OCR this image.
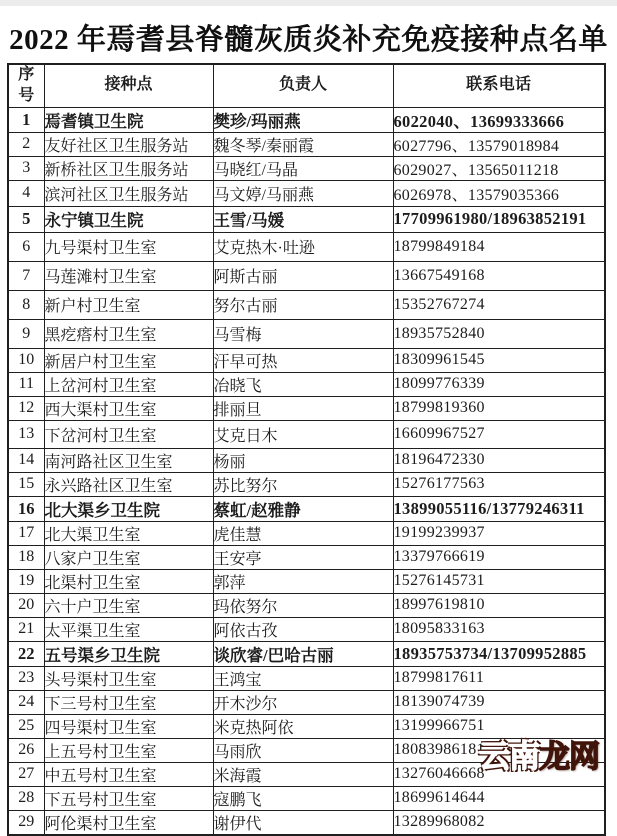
2022 年焉耆县脊髓灰质炎补充免疫接种点名单
序号	接种点	负责人	联系电话
1	焉耆镇卫生院	樊珍/玛丽燕	6022040、13699333666
2	友好社区卫生服务站	魏冬琴/秦丽霞	6027796、13579018984
3	新桥社区卫生服务站	马晓红/马晶	6029027、13565011218
4	滨河社区卫生服务站	马文婷/马丽燕	6026978、13579035366
5	永宁镇卫生院	王雪/马媛	17709961980/18963852191
6	九号渠村卫生室	艾克热木·吐逊	18799849184
7	马莲滩村卫生室	阿斯古丽	13667549168
8	新户村卫生室	努尔古丽	15352767274
9	黑疙瘩村卫生室	马雪梅	18935752840
10	新居户村卫生室	汗早可热	18309961545
11	上岔河村卫生室	冶晓飞	18099776339
12	西大渠村卫生室	排丽旦	18799819360
13	下岔河村卫生室	艾克日木	16609967527
14	南河路社区卫生室	杨丽	18196472330
15	永兴路社区卫生室	苏比努尔	15276177563
16	北大渠乡卫生院	蔡虹/赵雅静	13899055116/13779246311
17	北大渠卫生室	虎佳慧	19199239937
18	八家户卫生室	王安亭	13379766619
19	北渠村卫生室	郭萍	15276145731
20	六十户卫生室	玛依努尔	18997619810
21	太平渠卫生室	阿依古孜	18095833163
22	五号渠乡卫生院	谈欣睿/巴哈古丽	18935753734/13709952885
23	头号渠村卫生室	王鸿宝	18799817611
24	下三号村卫生室	开木沙尔	18139074739
25	四号渠村卫生室	米克热阿依	13199966751
26	上五号村卫生室	马雨欣	18083986181
27	中五号村卫生室	米海霞	13276046668
28	下五号村卫生室	寇鹏飞	18699614644
29	阿伦渠村卫生室	谢伊代	13289968082
云南龙网
